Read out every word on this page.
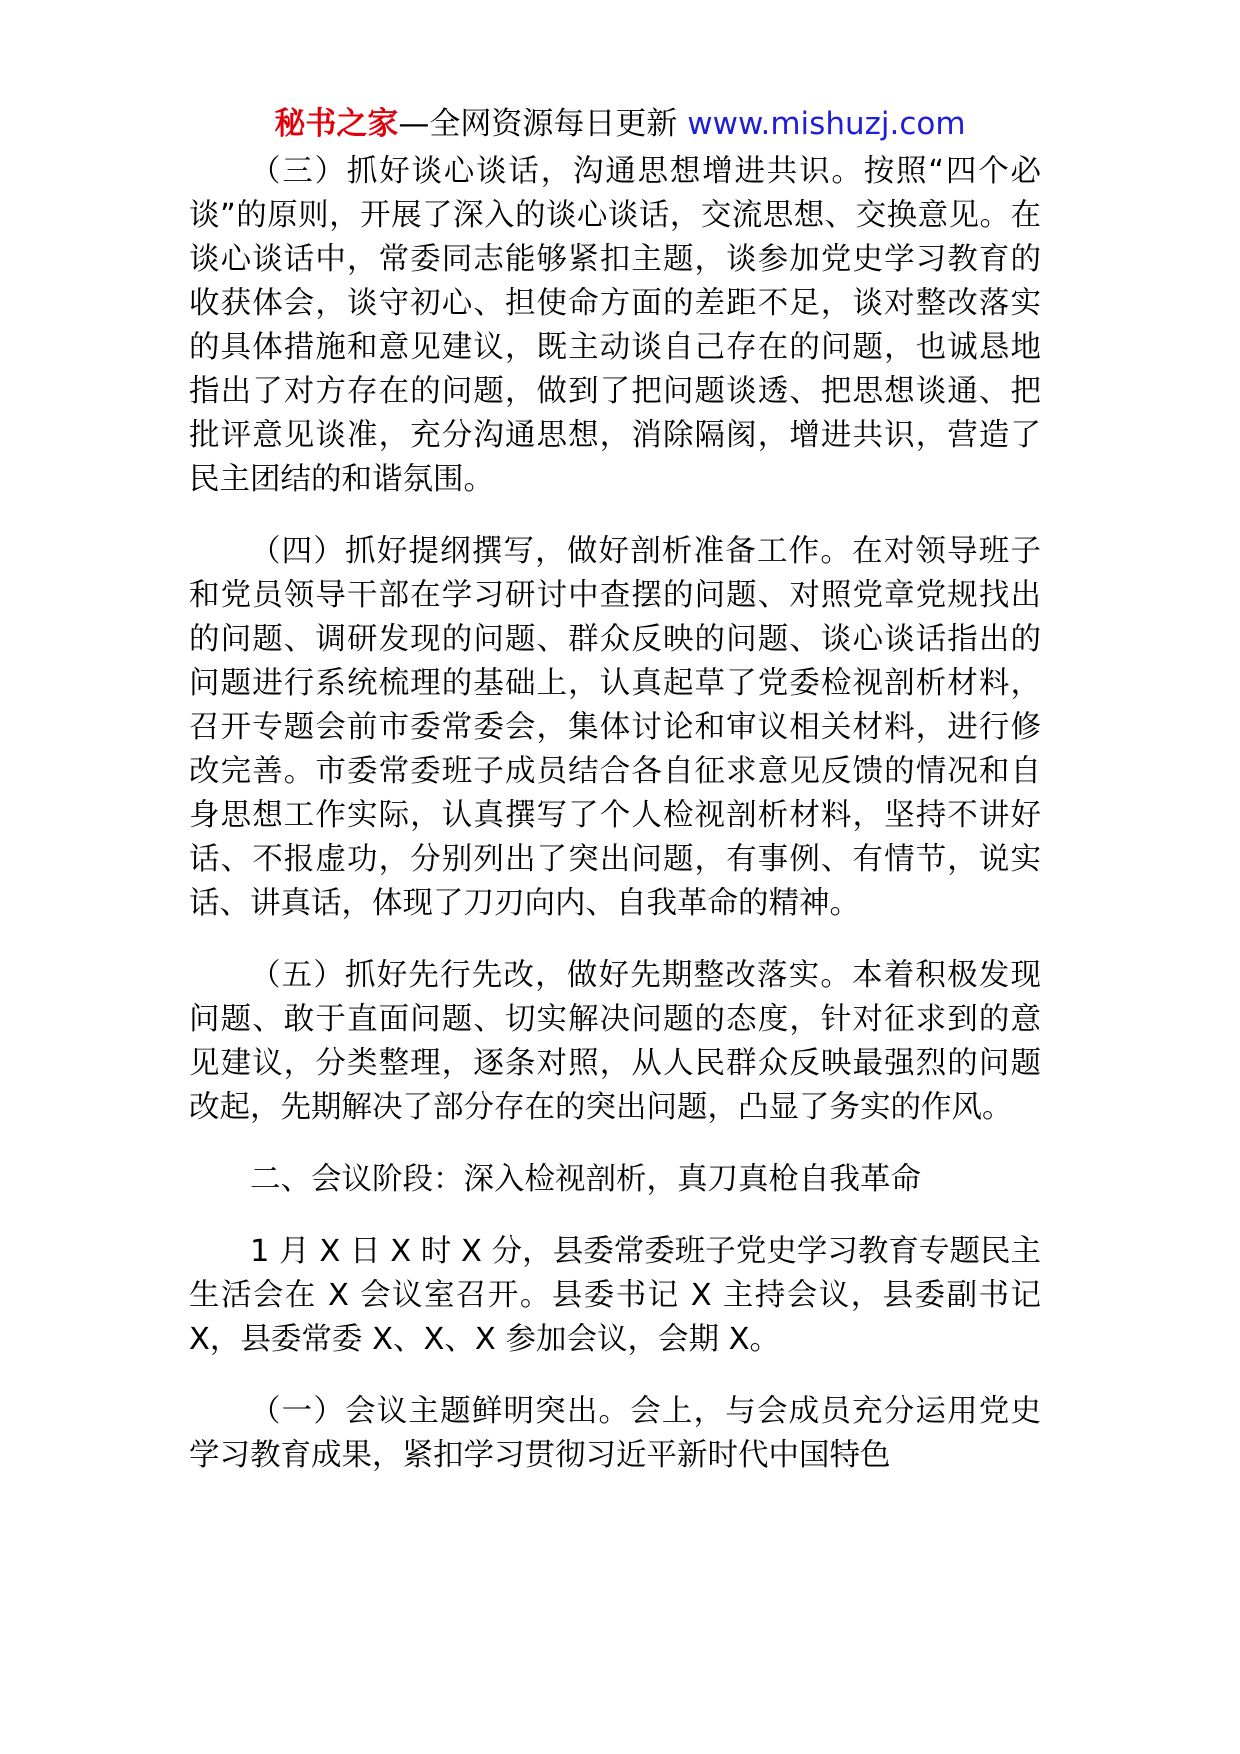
秘书之家—全网资源每日更新 www.mishuzj.com

（三）抓好谈心谈话，沟通思想增进共识。按照“四个必谈”的原则，开展了深入的谈心谈话，交流思想、交换意见。在谈心谈话中，常委同志能够紧扣主题，谈参加党史学习教育的收获体会，谈守初心、担使命方面的差距不足，谈对整改落实的具体措施和意见建议，既主动谈自己存在的问题，也诚恳地指出了对方存在的问题，做到了把问题谈透、把思想谈通、把批评意见谈准，充分沟通思想，消除隔阂，增进共识，营造了民主团结的和谐氛围。

（四）抓好提纲撰写，做好剖析准备工作。在对领导班子和党员领导干部在学习研讨中查摆的问题、对照党章党规找出的问题、调研发现的问题、群众反映的问题、谈心谈话指出的问题进行系统梳理的基础上，认真起草了党委检视剖析材料，召开专题会前市委常委会，集体讨论和审议相关材料，进行修改完善。市委常委班子成员结合各自征求意见反馈的情况和自身思想工作实际，认真撰写了个人检视剖析材料，坚持不讲好话、不报虚功，分别列出了突出问题，有事例、有情节，说实话、讲真话，体现了刀刃向内、自我革命的精神。

（五）抓好先行先改，做好先期整改落实。本着积极发现问题、敢于直面问题、切实解决问题的态度，针对征求到的意见建议，分类整理，逐条对照，从人民群众反映最强烈的问题改起，先期解决了部分存在的突出问题，凸显了务实的作风。

二、会议阶段：深入检视剖析，真刀真枪自我革命

1 月 X 日 X 时 X 分，县委常委班子党史学习教育专题民主生活会在 X 会议室召开。县委书记 X 主持会议，县委副书记 X，县委常委 X、X、X 参加会议，会期 X。

（一）会议主题鲜明突出。会上，与会成员充分运用党史学习教育成果，紧扣学习贯彻习近平新时代中国特色
